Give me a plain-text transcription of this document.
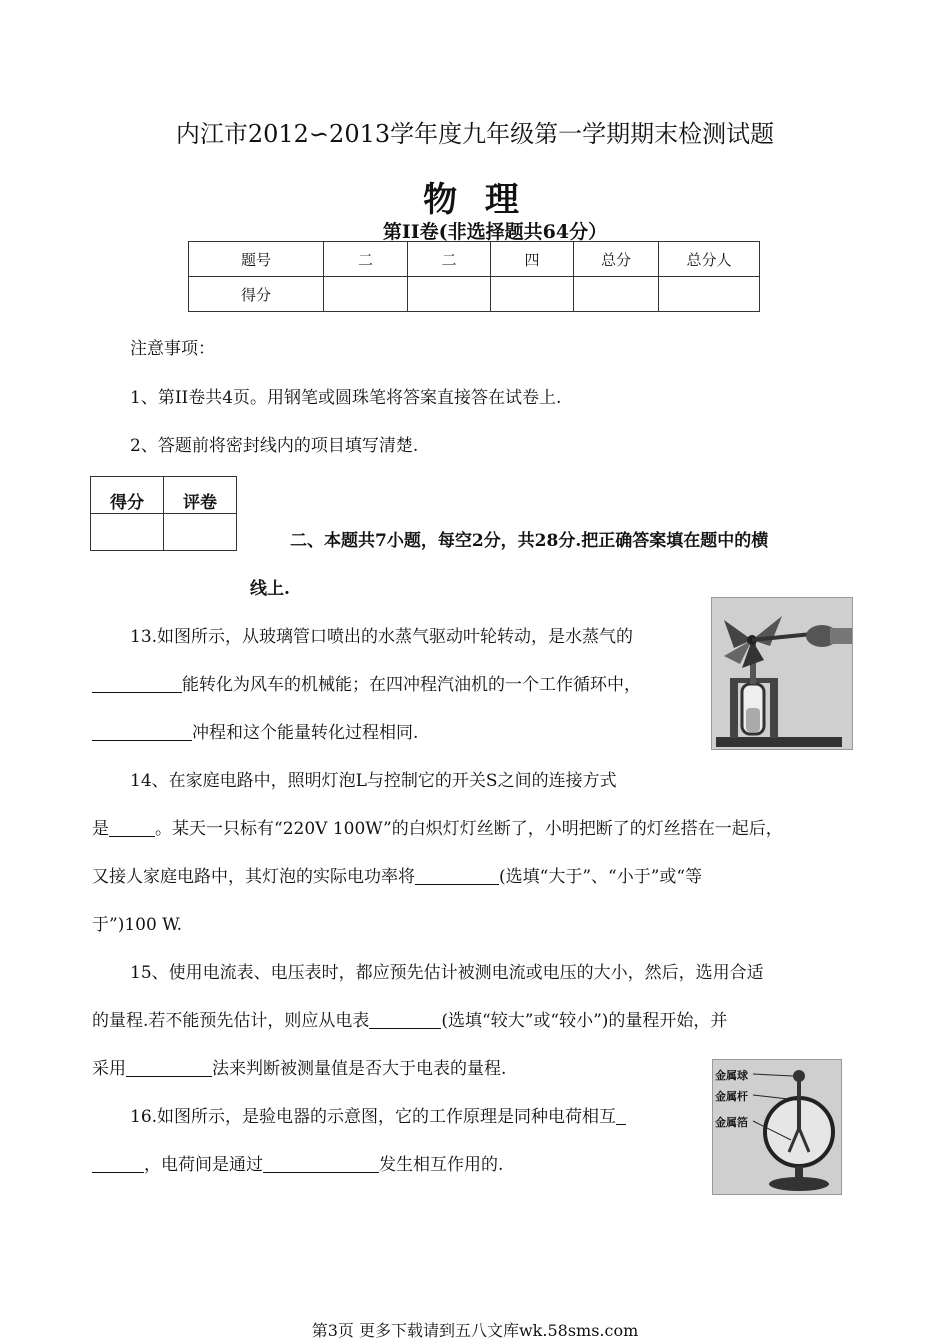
内江市2012∽2013学年度九年级第一学期期末检测试题
物 理
第II卷(非选择题共64分）
题号	二	二	四	总分	总分人
得分					
注意事项：
1、第II卷共4页。用钢笔或圆珠笔将答案直接答在试卷上.
2、答题前将密封线内的项目填写清楚.
得分	评卷

二、本题共7小题，每空2分，共28分.把正确答案填在题中的横
线上.
13.如图所示，从玻璃管口喷出的水蒸气驱动叶轮转动，是水蒸气的
能转化为风车的机械能；在四冲程汽油机的一个工作循环中，
冲程和这个能量转化过程相同.
14、在家庭电路中，照明灯泡L与控制它的开关S之间的连接方式
是	。某天一只标有“220V 100W”的白炽灯灯丝断了，小明把断了的灯丝搭在一起后，
又接人家庭电路中，其灯泡的实际电功率将	(选填“大于”、“小于”或“等
于”)100 W.
15、使用电流表、电压表时，都应预先估计被测电流或电压的大小，然后，选用合适
的量程.若不能预先估计，则应从电表	(选填“较大”或“较小”)的量程开始，并
采用	法来判断被测量值是否大于电表的量程.
16.如图所示，是验电器的示意图，它的工作原理是同种电荷相互
，电荷间是通过	发生相互作用的.
金属球
金属杆
金属箔
第3页 更多下载请到五八文库wk.58sms.com
